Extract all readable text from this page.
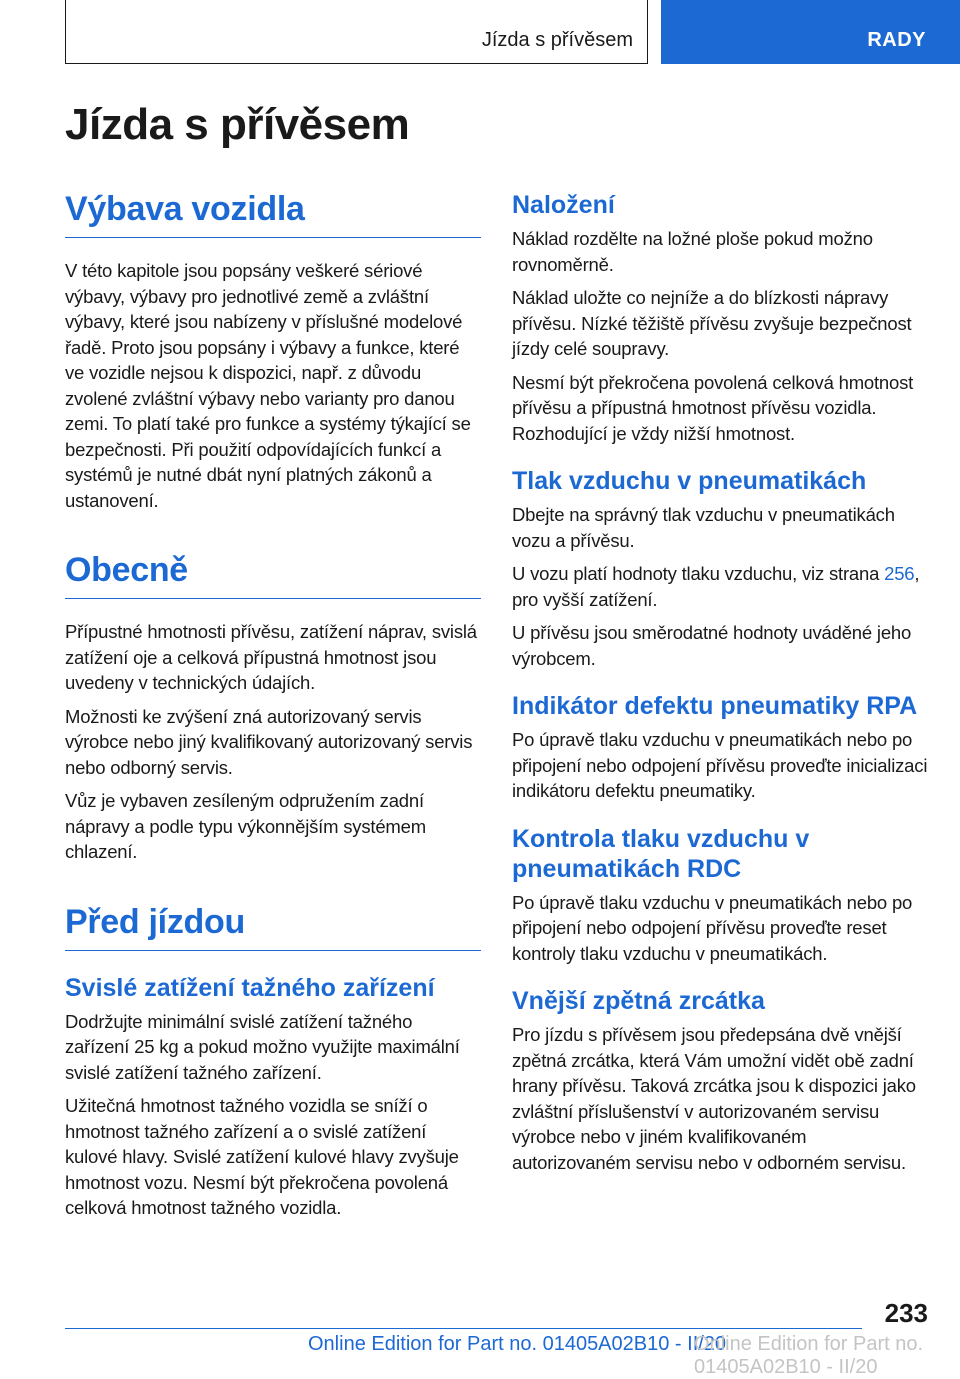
Jízda s přívěsem	RADY
Jízda s přívěsem
Výbava vozidla

V této kapitole jsou popsány veškeré sériové výbavy, výbavy pro jednotlivé země a zvláštní výbavy, které jsou nabízeny v příslušné modelové řadě. Proto jsou popsány i výbavy a funkce, které ve vozidle nejsou k dispozici, např. z důvodu zvolené zvláštní výbavy nebo varianty pro danou zemi. To platí také pro funkce a systémy týkající se bezpečnosti. Při použití odpovídajících funkcí a systémů je nutné dbát nyní platných zákonů a ustanovení.

Obecně

Přípustné hmotnosti přívěsu, zatížení náprav, svislá zatížení oje a celková přípustná hmotnost jsou uvedeny v technických údajích.

Možnosti ke zvýšení zná autorizovaný servis výrobce nebo jiný kvalifikovaný autorizovaný servis nebo odborný servis.

Vůz je vybaven zesíleným odpružením zadní nápravy a podle typu výkonnějším systémem chlazení.

Před jízdou
Svislé zatížení tažného zařízení

Dodržujte minimální svislé zatížení tažného zařízení 25 kg a pokud možno využijte maximální svislé zatížení tažného zařízení.

Užitečná hmotnost tažného vozidla se sníží o hmotnost tažného zařízení a o svislé zatížení kulové hlavy. Svislé zatížení kulové hlavy zvyšuje hmotnost vozu. Nesmí být překročena povolená celková hmotnost tažného vozidla.

Naložení

Náklad rozdělte na ložné ploše pokud možno rovnoměrně.

Náklad uložte co nejníže a do blízkosti nápravy přívěsu. Nízké těžiště přívěsu zvyšuje bezpečnost jízdy celé soupravy.

Nesmí být překročena povolená celková hmotnost přívěsu a přípustná hmotnost přívěsu vozidla. Rozhodující je vždy nižší hmotnost.

Tlak vzduchu v pneumatikách

Dbejte na správný tlak vzduchu v pneumatikách vozu a přívěsu.

U vozu platí hodnoty tlaku vzduchu, viz strana 256, pro vyšší zatížení.

U přívěsu jsou směrodatné hodnoty uváděné jeho výrobcem.

Indikátor defektu pneumatiky RPA

Po úpravě tlaku vzduchu v pneumatikách nebo po připojení nebo odpojení přívěsu proveďte inicializaci indikátoru defektu pneumatiky.

Kontrola tlaku vzduchu v pneumatikách RDC

Po úpravě tlaku vzduchu v pneumatikách nebo po připojení nebo odpojení přívěsu proveďte reset kontroly tlaku vzduchu v pneumatikách.

Vnější zpětná zrcátka

Pro jízdu s přívěsem jsou předepsána dvě vnější zpětná zrcátka, která Vám umožní vidět obě zadní hrany přívěsu. Taková zrcátka jsou k dispozici jako zvláštní příslušenství v autorizovaném servisu výrobce nebo v jiném kvalifikovaném autorizovaném servisu nebo v odborném servisu.

233
Online Edition for Part no. 01405A02B10 - II/20
Online Edition for Part no. 01405A02B10 - II/20
